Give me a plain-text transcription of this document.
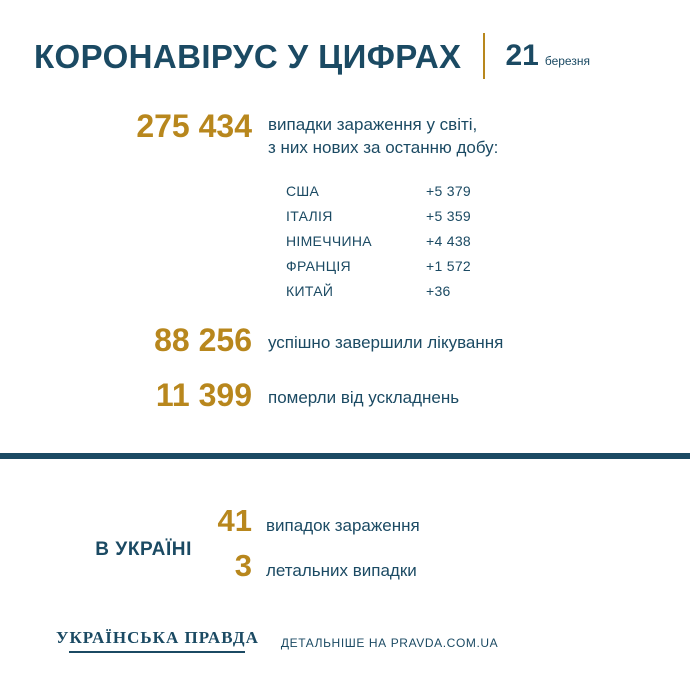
КОРОНАВІРУС У ЦИФРАХ 21 березня
275 434 випадки зараження у світі,
з них нових за останню добу:
США	+5 379
ІТАЛІЯ	+5 359
НІМЕЧЧИНА	+4 438
ФРАНЦІЯ	+1 572
КИТАЙ	+36
88 256 успішно завершили лікування
11 399 померли від ускладнень
В УКРАЇНІ
41 випадок зараження
3 летальних випадки
УКРАЇНСЬКА ПРАВДА	ДЕТАЛЬНІШЕ НА PRAVDA.COM.UA
